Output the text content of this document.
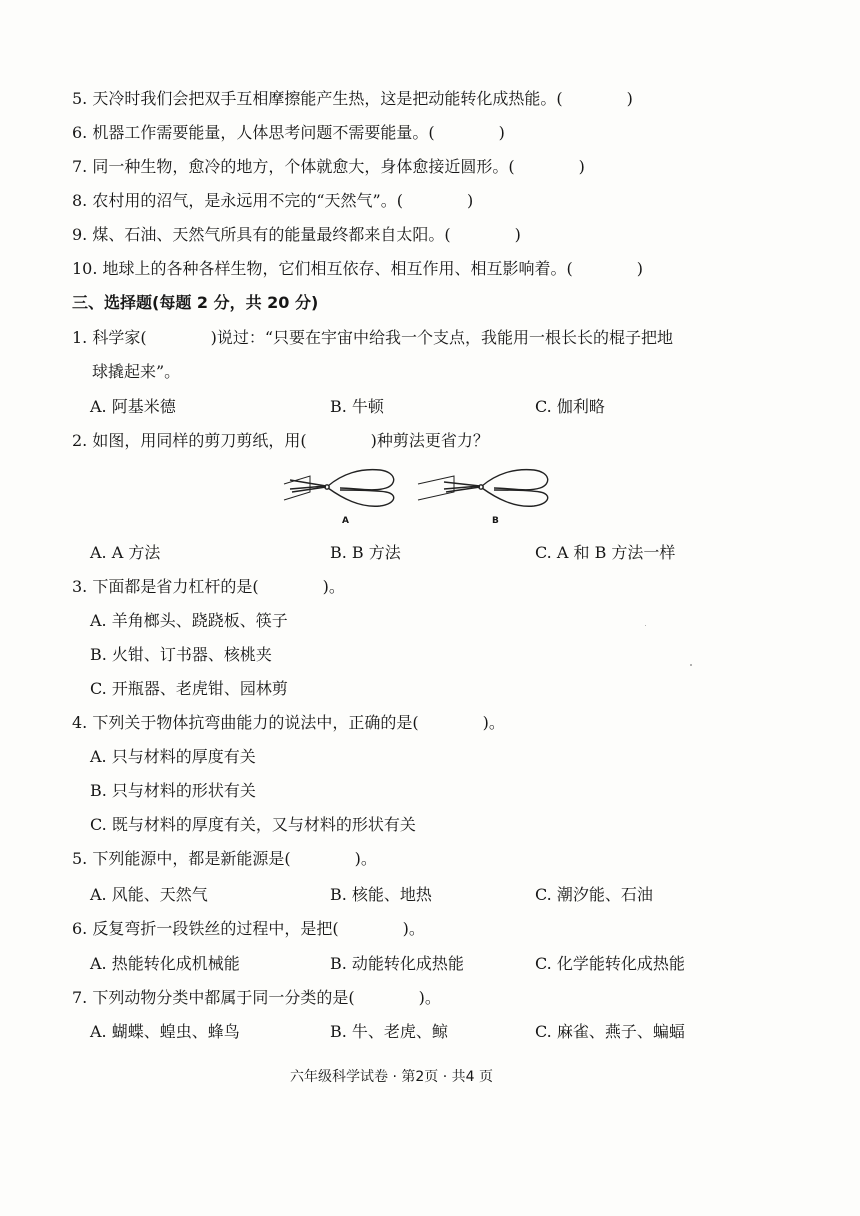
5. 天冷时我们会把双手互相摩擦能产生热，这是把动能转化成热能。(　　　　)
6. 机器工作需要能量，人体思考问题不需要能量。(　　　　)
7. 同一种生物，愈冷的地方，个体就愈大，身体愈接近圆形。(　　　　)
8. 农村用的沼气，是永远用不完的“天然气”。(　　　　)
9. 煤、石油、天然气所具有的能量最终都来自太阳。(　　　　)
10. 地球上的各种各样生物，它们相互依存、相互作用、相互影响着。(　　　　)
三、选择题(每题 2 分，共 20 分)
1. 科学家(　　　　)说过：“只要在宇宙中给我一个支点，我能用一根长长的棍子把地
球撬起来”。
A. 阿基米德	B. 牛顿	C. 伽利略
2. 如图，用同样的剪刀剪纸，用(　　　　)种剪法更省力？
A	B
A. A 方法	B. B 方法	C. A 和 B 方法一样
3. 下面都是省力杠杆的是(　　　　)。
A. 羊角榔头、跷跷板、筷子
B. 火钳、订书器、核桃夹
C. 开瓶器、老虎钳、园林剪
4. 下列关于物体抗弯曲能力的说法中，正确的是(　　　　)。
A. 只与材料的厚度有关
B. 只与材料的形状有关
C. 既与材料的厚度有关，又与材料的形状有关
5. 下列能源中，都是新能源是(　　　　)。
A. 风能、天然气	B. 核能、地热	C. 潮汐能、石油
6. 反复弯折一段铁丝的过程中，是把(　　　　)。
A. 热能转化成机械能	B. 动能转化成热能	C. 化学能转化成热能
7. 下列动物分类中都属于同一分类的是(　　　　)。
A. 蝴蝶、蝗虫、蜂鸟	B. 牛、老虎、鲸	C. 麻雀、燕子、蝙蝠
六年级科学试卷 · 第2页 · 共4 页
